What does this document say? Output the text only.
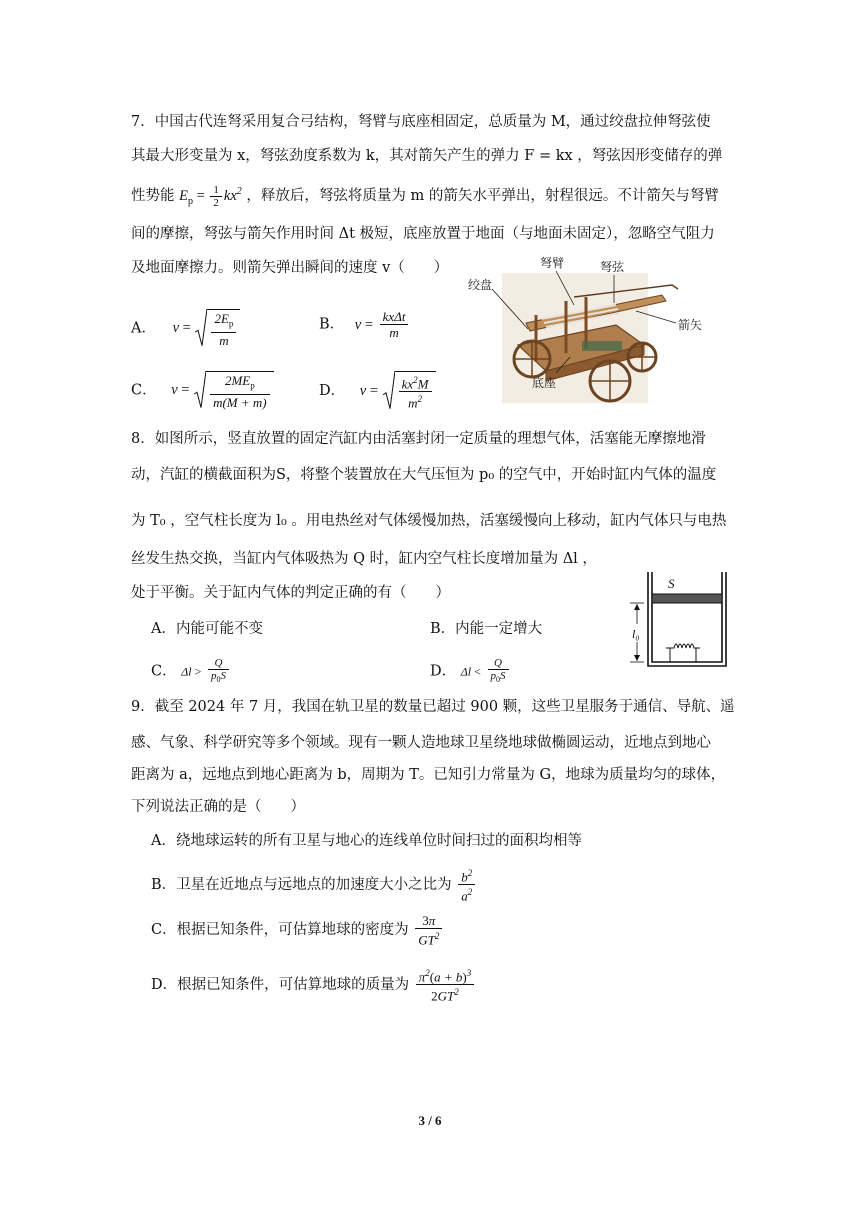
7．中国古代连弩采用复合弓结构，弩臂与底座相固定，总质量为 M，通过绞盘拉伸弩弦使
其最大形变量为 x，弩弦劲度系数为 k，其对箭矢产生的弹力 F = kx ，弩弦因形变储存的弹
性势能 $E_p = \frac{1}{2} kx^2$ ，释放后，弩弦将质量为 m 的箭矢水平弹出，射程很远。不计箭矢与弩臂
间的摩擦，弩弦与箭矢作用时间 Δt 极短，底座放置于地面（与地面未固定），忽略空气阻力
及地面摩擦力。则箭矢弹出瞬间的速度 v（　　）
A． $v = \frac{2E_p}{m}$	B． $v = \frac{\text{kxΔt}}{m}$
C． $v = \frac{2ME_p}{m(M + m)}$	D． $v = \frac{kx^2M}{m^2}$
绞盘
弩臂	弩弦
箭矢
底座
8．如图所示，竖直放置的固定汽缸内由活塞封闭一定质量的理想气体，活塞能无摩擦地滑
动，汽缸的横截面积为S，将整个装置放在大气压恒为 p₀ 的空气中，开始时缸内气体的温度
为 T₀ ，空气柱长度为 l₀ 。用电热丝对气体缓慢加热，活塞缓慢向上移动，缸内气体只与电热
丝发生热交换，当缸内气体吸热为 Q 时，缸内空气柱长度增加量为 Δl ，
处于平衡。关于缸内气体的判定正确的有（　　）
A．内能可能不变	B．内能一定增大
C． $\Delta l > \frac{Q}{p_0S}$	D． $\Delta l < \frac{Q}{p_0S}$
S
l₀
9．截至 2024 年 7 月，我国在轨卫星的数量已超过 900 颗，这些卫星服务于通信、导航、遥
感、气象、科学研究等多个领域。现有一颗人造地球卫星绕地球做椭圆运动，近地点到地心
距离为 a，远地点到地心距离为 b，周期为 T。已知引力常量为 G，地球为质量均匀的球体，
下列说法正确的是（　　）
A．绕地球运转的所有卫星与地心的连线单位时间扫过的面积均相等
B．卫星在近地点与远地点的加速度大小之比为 $\frac{b^2}{a^2}$
C．根据已知条件，可估算地球的密度为 $\frac{3\pi}{GT^2}$
D．根据已知条件，可估算地球的质量为 $\frac{\pi^2(a + b)^3}{2GT^2}$
3 / 6
